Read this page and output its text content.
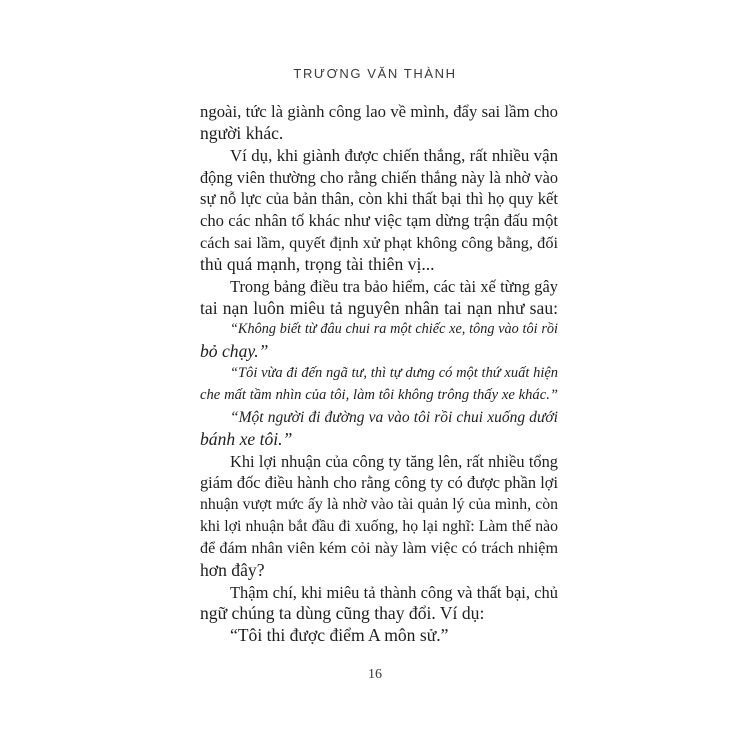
TRƯƠNG VĂN THÀNH
ngoài, tức là giành công lao về mình, đẩy sai lầm cho
người khác.
Ví dụ, khi giành được chiến thắng, rất nhiều vận
động viên thường cho rằng chiến thắng này là nhờ vào
sự nỗ lực của bản thân, còn khi thất bại thì họ quy kết
cho các nhân tố khác như việc tạm dừng trận đấu một
cách sai lầm, quyết định xử phạt không công bằng, đối
thủ quá mạnh, trọng tài thiên vị...
Trong bảng điều tra bảo hiểm, các tài xế từng gây
tai nạn luôn miêu tả nguyên nhân tai nạn như sau:
“Không biết từ đâu chui ra một chiếc xe, tông vào tôi rồi
bỏ chạy.”
“Tôi vừa đi đến ngã tư, thì tự dưng có một thứ xuất hiện
che mất tầm nhìn của tôi, làm tôi không trông thấy xe khác.”
“Một người đi đường va vào tôi rồi chui xuống dưới
bánh xe tôi.”
Khi lợi nhuận của công ty tăng lên, rất nhiều tổng
giám đốc điều hành cho rằng công ty có được phần lợi
nhuận vượt mức ấy là nhờ vào tài quản lý của mình, còn
khi lợi nhuận bắt đầu đi xuống, họ lại nghĩ: Làm thế nào
để đám nhân viên kém cỏi này làm việc có trách nhiệm
hơn đây?
Thậm chí, khi miêu tả thành công và thất bại, chủ
ngữ chúng ta dùng cũng thay đổi. Ví dụ:
“Tôi thi được điểm A môn sử.”
16
